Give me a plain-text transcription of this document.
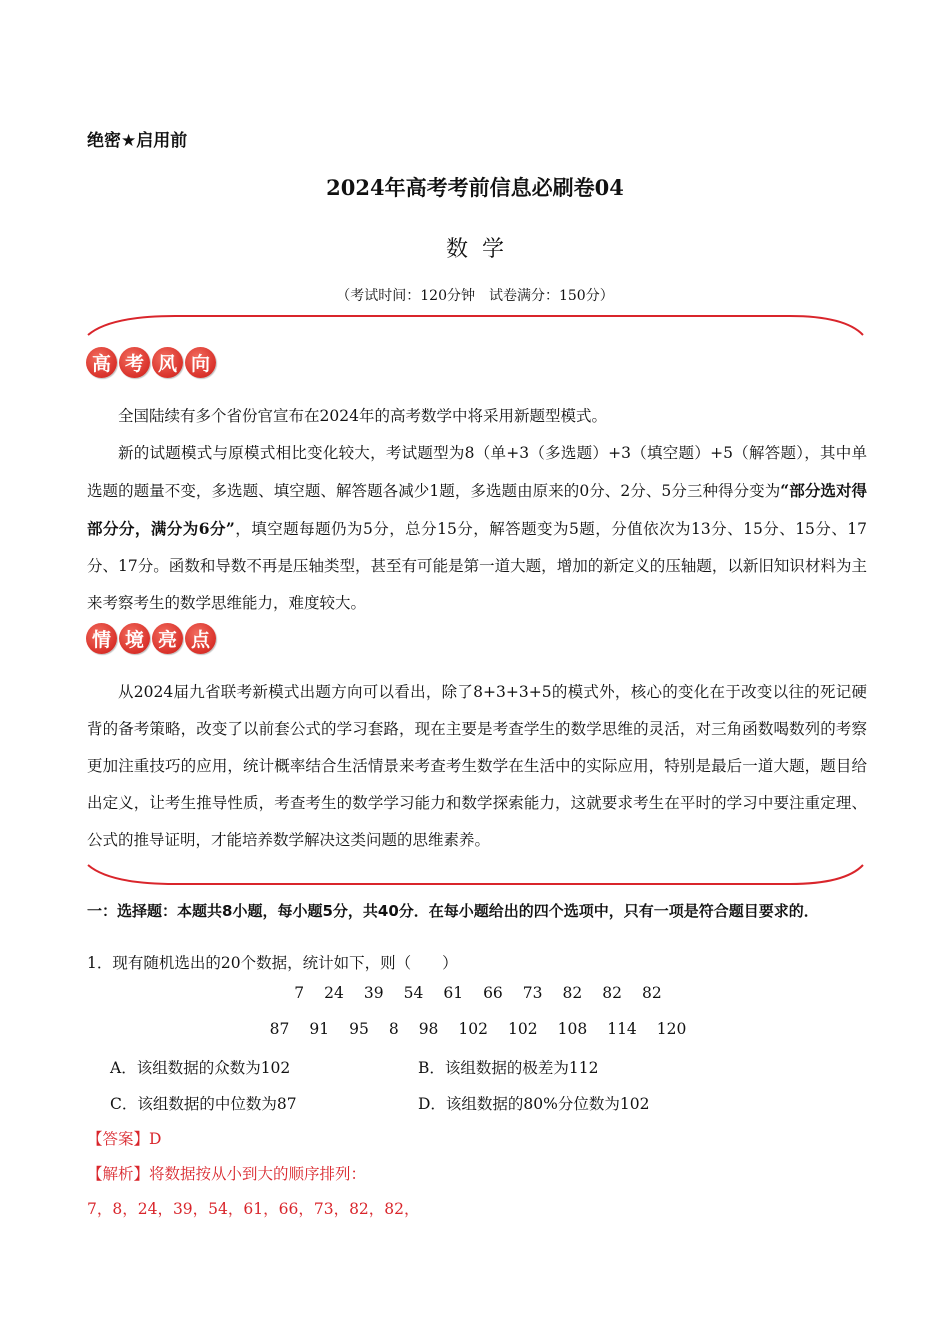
绝密★启用前
2024年高考考前信息必刷卷04
数学
（考试时间：120分钟　试卷满分：150分）
高 考 风 向

全国陆续有多个省份官宣布在2024年的高考数学中将采用新题型模式。

新的试题模式与原模式相比变化较大，考试题型为8（单+3（多选题）+3（填空题）+5（解答题），其中单选题的题量不变，多选题、填空题、解答题各减少1题，多选题由原来的0分、2分、5分三种得分变为“部分选对得部分分，满分为6分”，填空题每题仍为5分，总分15分，解答题变为5题，分值依次为13分、15分、15分、17分、17分。函数和导数不再是压轴类型，甚至有可能是第一道大题，增加的新定义的压轴题，以新旧知识材料为主来考察考生的数学思维能力，难度较大。

情 境 亮 点

从2024届九省联考新模式出题方向可以看出，除了8+3+3+5的模式外，核心的变化在于改变以往的死记硬背的备考策略，改变了以前套公式的学习套路，现在主要是考查学生的数学思维的灵活，对三角函数喝数列的考察更加注重技巧的应用，统计概率结合生活情景来考查考生数学在生活中的实际应用，特别是最后一道大题，题目给出定义，让考生推导性质，考查考生的数学学习能力和数学探索能力，这就要求考生在平时的学习中要注重定理、公式的推导证明，才能培养数学解决这类问题的思维素养。

一：选择题：本题共8小题，每小题5分，共40分．在每小题给出的四个选项中，只有一项是符合题目要求的．
1．现有随机选出的20个数据，统计如下，则（　　）
7 24 39 54 61 66 73 82 82 82
87 91 95 8 98 102 102 108 114 120
A．该组数据的众数为102	B．该组数据的极差为112
C．该组数据的中位数为87	D．该组数据的80%分位数为102
【答案】D
【解析】将数据按从小到大的顺序排列：
7，8，24，39，54，61，66，73，82，82，
